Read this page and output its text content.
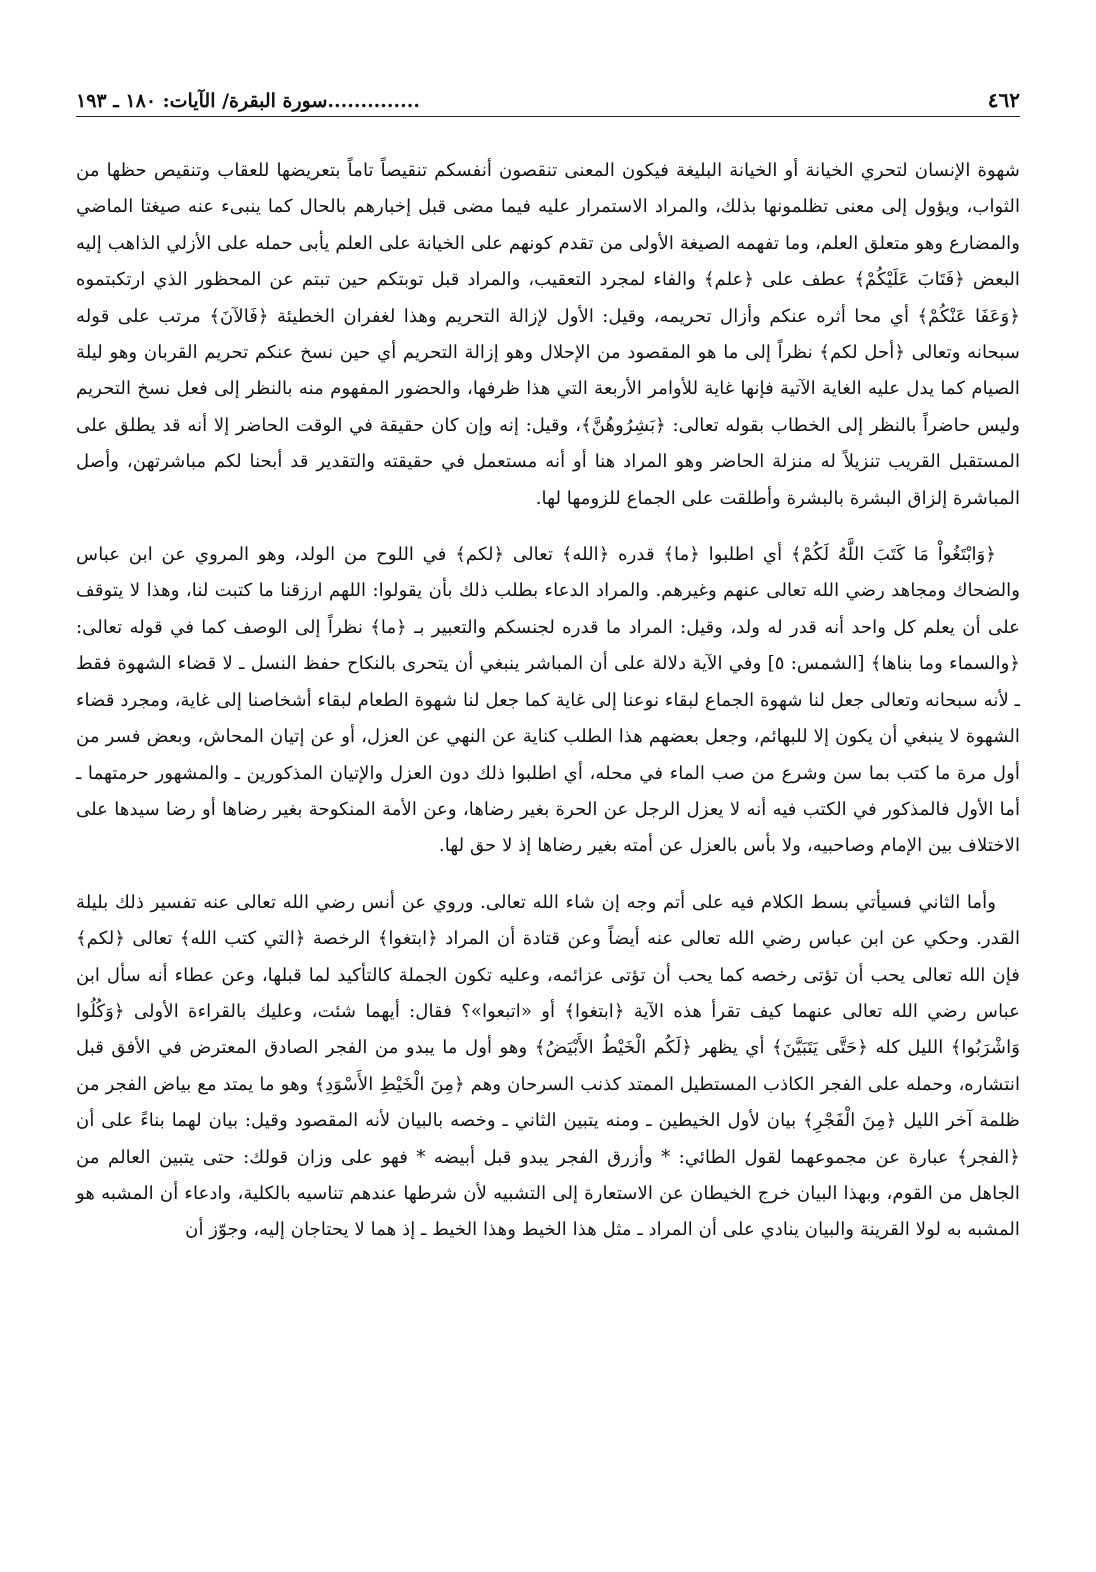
٤٦٢
..............سورة البقرة/ الآيات: ١٨٠ ـ ١٩٣

شهوة الإنسان لتحري الخيانة أو الخيانة البليغة فيكون المعنى تنقصون أنفسكم تنقيصاً تاماً بتعريضها للعقاب وتنقيص حظها من الثواب، ويؤول إلى معنى تظلمونها بذلك، والمراد الاستمرار عليه فيما مضى قبل إخبارهم بالحال كما ينبىء عنه صيغتا الماضي والمضارع وهو متعلق العلم، وما تفهمه الصيغة الأولى من تقدم كونهم على الخيانة على العلم يأبى حمله على الأزلي الذاهب إليه البعض ﴿فَتَابَ عَلَيْكُمْ﴾ عطف على ﴿علم﴾ والفاء لمجرد التعقيب، والمراد قبل توبتكم حين تبتم عن المحظور الذي ارتكبتموه ﴿وَعَفَا عَنْكُمْ﴾ أي محا أثره عنكم وأزال تحريمه، وقيل: الأول لإزالة التحريم وهذا لغفران الخطيئة ﴿فَالآنَ﴾ مرتب على قوله سبحانه وتعالى ﴿أحل لكم﴾ نظراً إلى ما هو المقصود من الإحلال وهو إزالة التحريم أي حين نسخ عنكم تحريم القربان وهو ليلة الصيام كما يدل عليه الغاية الآتية فإنها غاية للأوامر الأربعة التي هذا ظرفها، والحضور المفهوم منه بالنظر إلى فعل نسخ التحريم وليس حاضراً بالنظر إلى الخطاب بقوله تعالى: ﴿بَشِرُوهُنَّ﴾، وقيل: إنه وإن كان حقيقة في الوقت الحاضر إلا أنه قد يطلق على المستقبل القريب تنزيلاً له منزلة الحاضر وهو المراد هنا أو أنه مستعمل في حقيقته والتقدير قد أبحنا لكم مباشرتهن، وأصل المباشرة إلزاق البشرة بالبشرة وأطلقت على الجماع للزومها لها.

﴿وَابْتَغُواْ مَا كَتَبَ اللَّهُ لَكُمْ﴾ أي اطلبوا ﴿ما﴾ قدره ﴿الله﴾ تعالى ﴿لكم﴾ في اللوح من الولد، وهو المروي عن ابن عباس والضحاك ومجاهد رضي الله تعالى عنهم وغيرهم. والمراد الدعاء بطلب ذلك بأن يقولوا: اللهم ارزقنا ما كتبت لنا، وهذا لا يتوقف على أن يعلم كل واحد أنه قدر له ولد، وقيل: المراد ما قدره لجنسكم والتعبير بـ ﴿ما﴾ نظراً إلى الوصف كما في قوله تعالى: ﴿والسماء وما بناها﴾ [الشمس: ٥] وفي الآية دلالة على أن المباشر ينبغي أن يتحرى بالنكاح حفظ النسل ـ لا قضاء الشهوة فقط ـ لأنه سبحانه وتعالى جعل لنا شهوة الجماع لبقاء نوعنا إلى غاية كما جعل لنا شهوة الطعام لبقاء أشخاصنا إلى غاية، ومجرد قضاء الشهوة لا ينبغي أن يكون إلا للبهائم، وجعل بعضهم هذا الطلب كناية عن النهي عن العزل، أو عن إتيان المحاش، وبعض فسر من أول مرة ما كتب بما سن وشرع من صب الماء في محله، أي اطلبوا ذلك دون العزل والإتيان المذكورين ـ والمشهور حرمتهما ـ أما الأول فالمذكور في الكتب فيه أنه لا يعزل الرجل عن الحرة بغير رضاها، وعن الأمة المنكوحة بغير رضاها أو رضا سيدها على الاختلاف بين الإمام وصاحبيه، ولا بأس بالعزل عن أمته بغير رضاها إذ لا حق لها.

وأما الثاني فسيأتي بسط الكلام فيه على أتم وجه إن شاء الله تعالى. وروي عن أنس رضي الله تعالى عنه تفسير ذلك بليلة القدر. وحكي عن ابن عباس رضي الله تعالى عنه أيضاً وعن قتادة أن المراد ﴿ابتغوا﴾ الرخصة ﴿التي كتب الله﴾ تعالى ﴿لكم﴾ فإن الله تعالى يحب أن تؤتى رخصه كما يحب أن تؤتى عزائمه، وعليه تكون الجملة كالتأكيد لما قبلها، وعن عطاء أنه سأل ابن عباس رضي الله تعالى عنهما كيف تقرأ هذه الآية ﴿ابتغوا﴾ أو «اتبعوا»؟ فقال: أيهما شئت، وعليك بالقراءة الأولى ﴿وَكُلُوا وَاشْرَبُوا﴾ الليل كله ﴿حَتَّى يَتَبَيَّنَ﴾ أي يظهر ﴿لَكُم الْخَيْطُ الأَبْيَضُ﴾ وهو أول ما يبدو من الفجر الصادق المعترض في الأفق قبل انتشاره، وحمله على الفجر الكاذب المستطيل الممتد كذنب السرحان وهم ﴿مِنَ الْخَيْطِ الأَسْوَدِ﴾ وهو ما يمتد مع بياض الفجر من ظلمة آخر الليل ﴿مِنَ الْفَجْرِ﴾ بيان لأول الخيطين ـ ومنه يتبين الثاني ـ وخصه بالبيان لأنه المقصود وقيل: بيان لهما بناءً على أن ﴿الفجر﴾ عبارة عن مجموعهما لقول الطائي: * وأزرق الفجر يبدو قبل أبيضه * فهو على وزان قولك: حتى يتبين العالم من الجاهل من القوم، وبهذا البيان خرج الخيطان عن الاستعارة إلى التشبيه لأن شرطها عندهم تناسيه بالكلية، وادعاء أن المشبه هو المشبه به لولا القرينة والبيان ينادي على أن المراد ـ مثل هذا الخيط وهذا الخيط ـ إذ هما لا يحتاجان إليه، وجوّز أن
